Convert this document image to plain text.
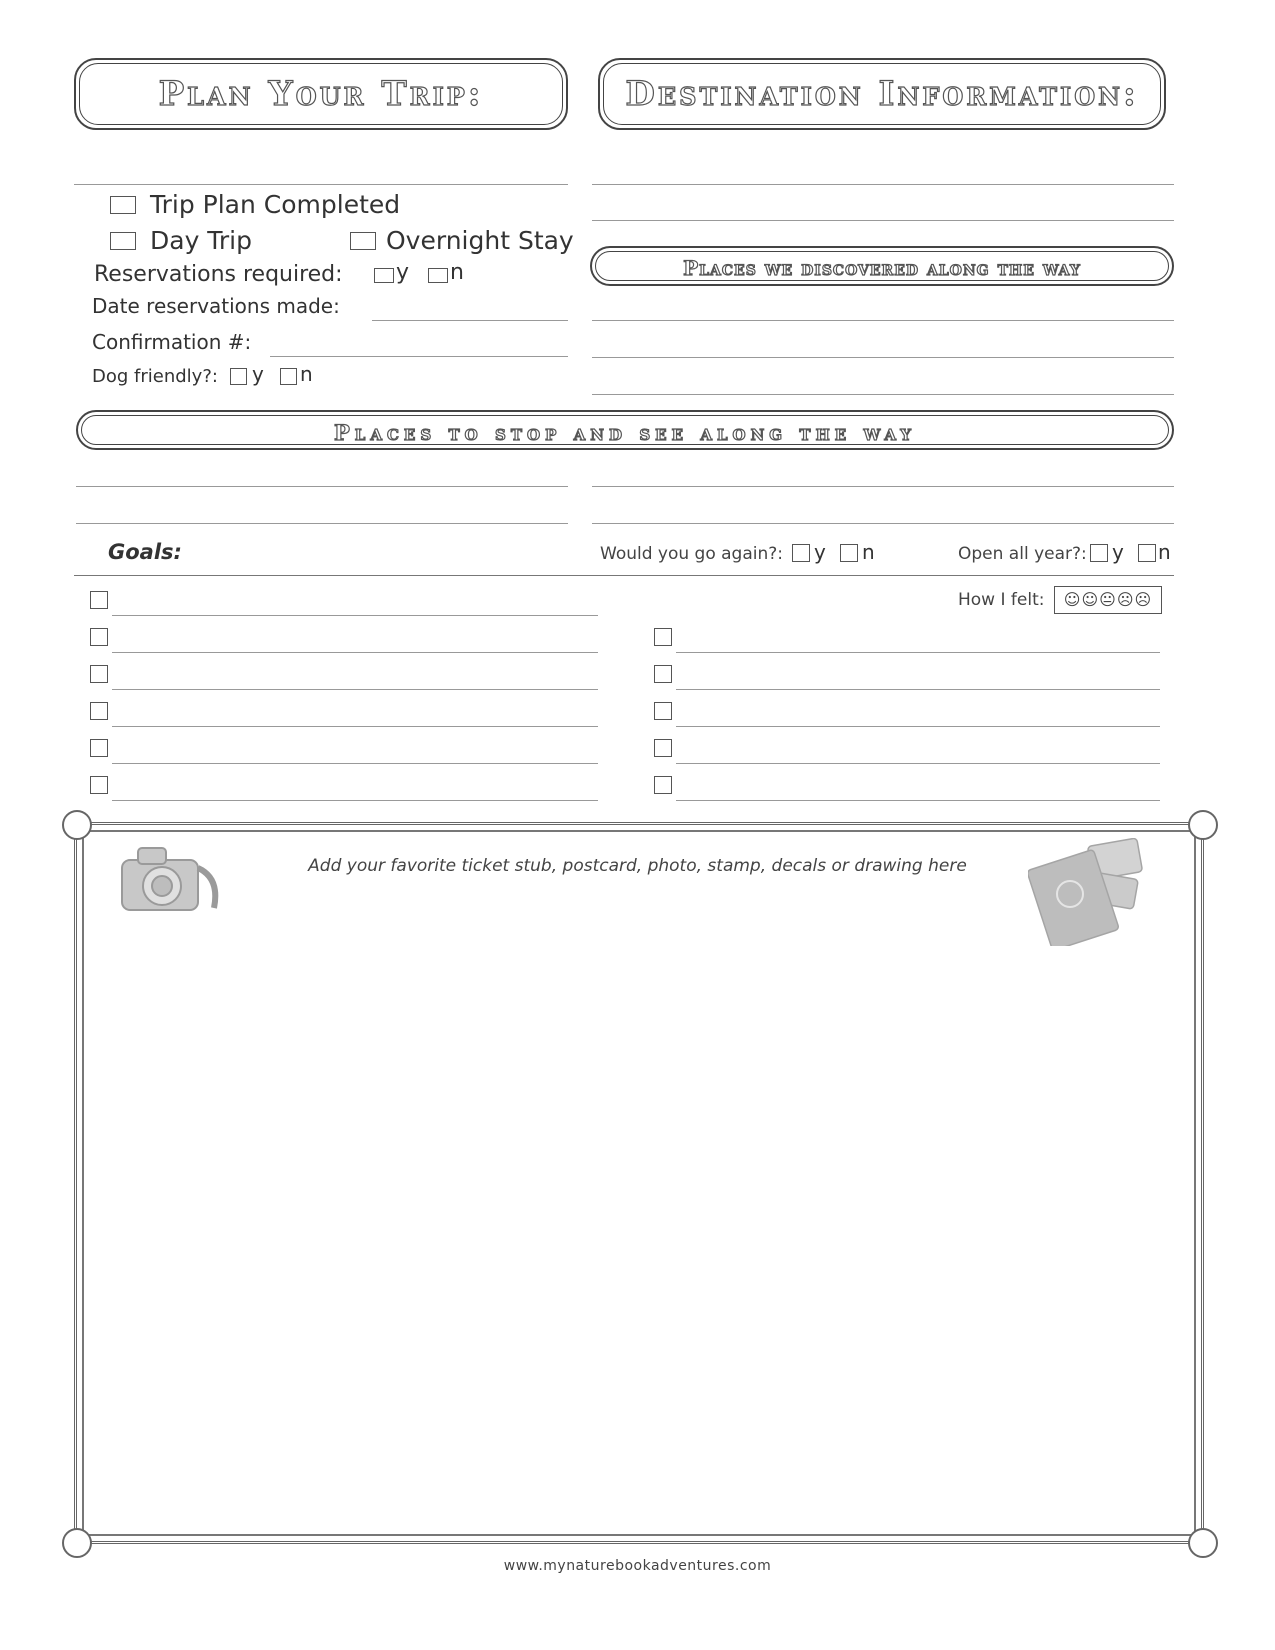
Plan Your Trip:	Destination Information:
Trip Plan Completed
Day Trip	Overnight Stay
Reservations required: y n
Date reservations made:
Confirmation #:
Dog friendly?: y n
Places we discovered along the way
Places to stop and see along the way
Goals:	Would you go again?: y n	Open all year?: y n
How I felt:	☺☺😐☹☹
Add your favorite ticket stub, postcard, photo, stamp, decals or drawing here
www.mynaturebookadventures.com
